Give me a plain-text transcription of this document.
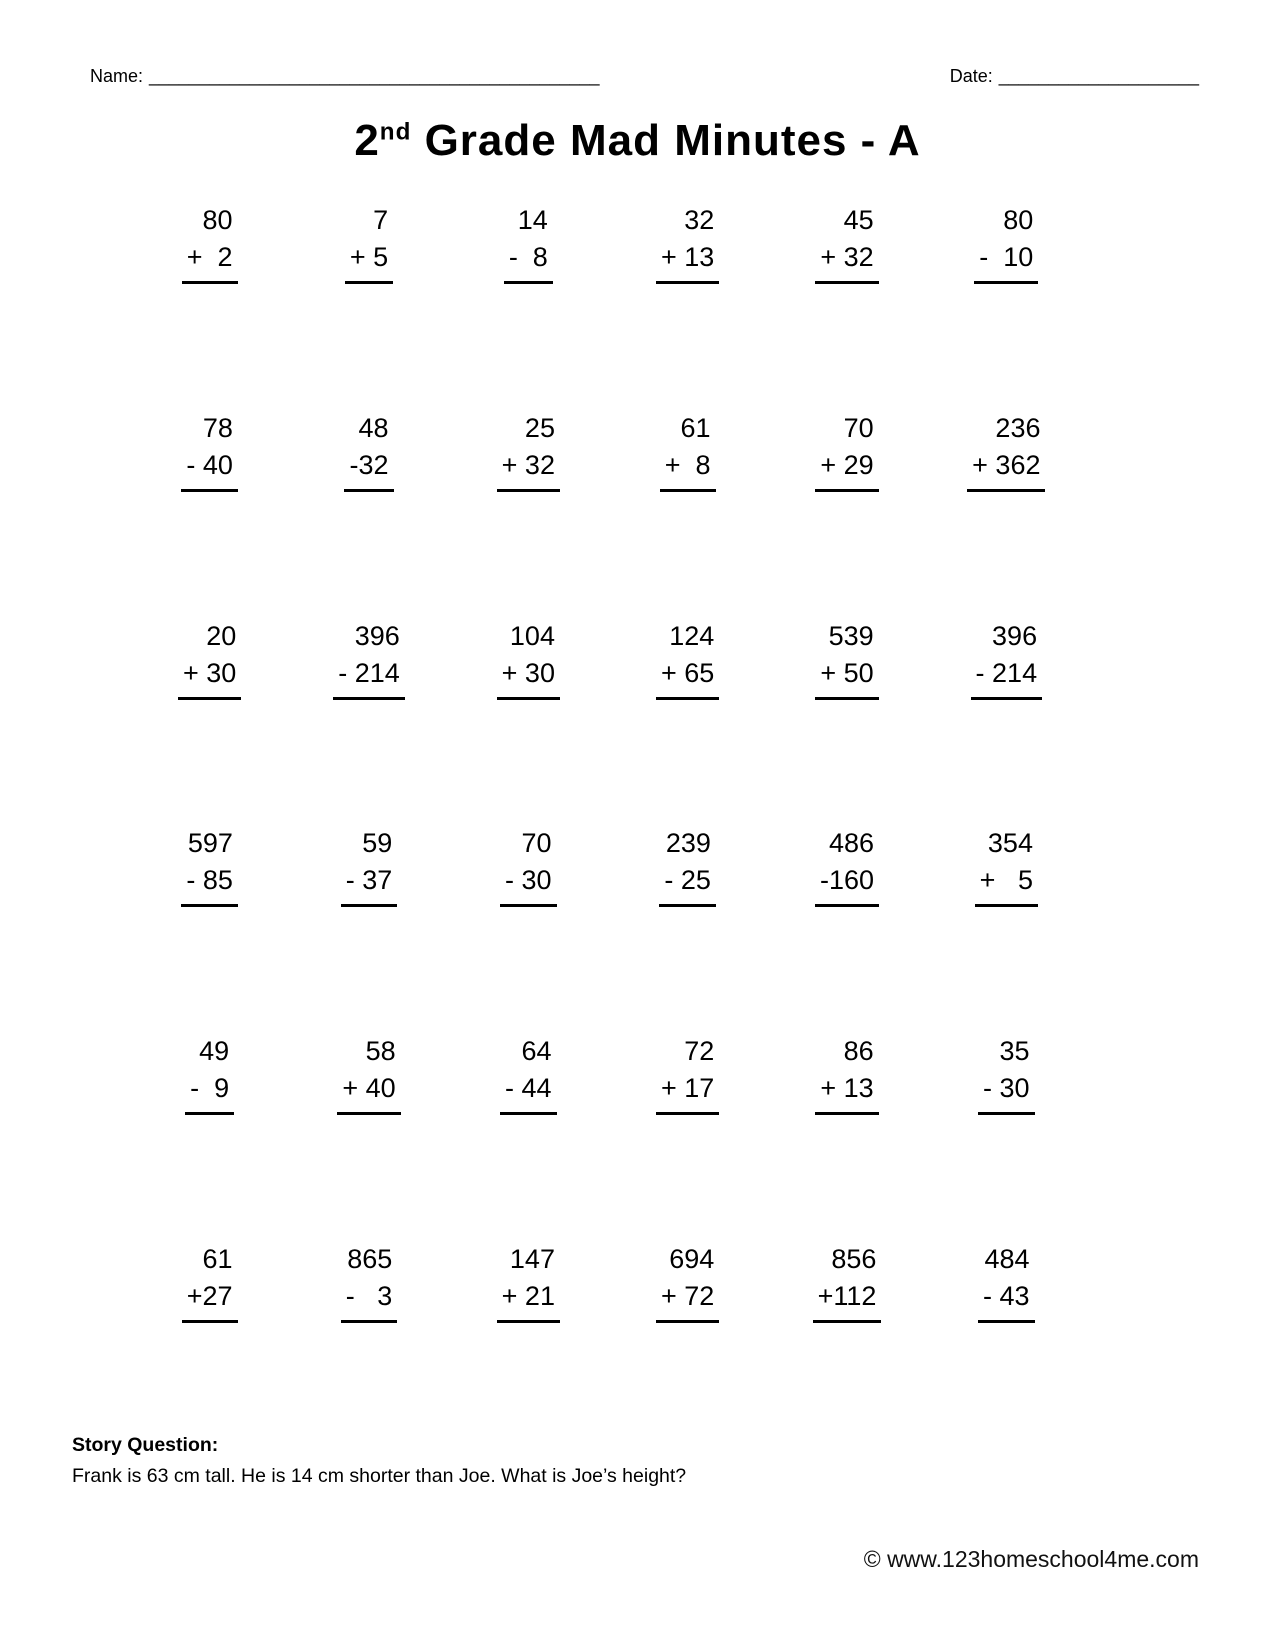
Name: _____________________________________________	Date: ____________________
2nd Grade Mad Minutes - A
80
+  2
7
+ 5
14
-  8
32
+ 13
45
+ 32
80
-  10
78
- 40
48
-32
25
+ 32
61
+  8
70
+ 29
236
+ 362
20
+ 30
396
- 214
104
+ 30
124
+ 65
539
+ 50
396
- 214
597
- 85
59
- 37
70
- 30
239
- 25
486
-160
354
+   5
49
-  9
58
+ 40
64
- 44
72
+ 17
86
+ 13
35
- 30
61
+27
865
-   3
147
+ 21
694
+ 72
856
+112
484
- 43
Story Question:
Frank is 63 cm tall. He is 14 cm shorter than Joe. What is Joe’s height?
© www.123homeschool4me.com
